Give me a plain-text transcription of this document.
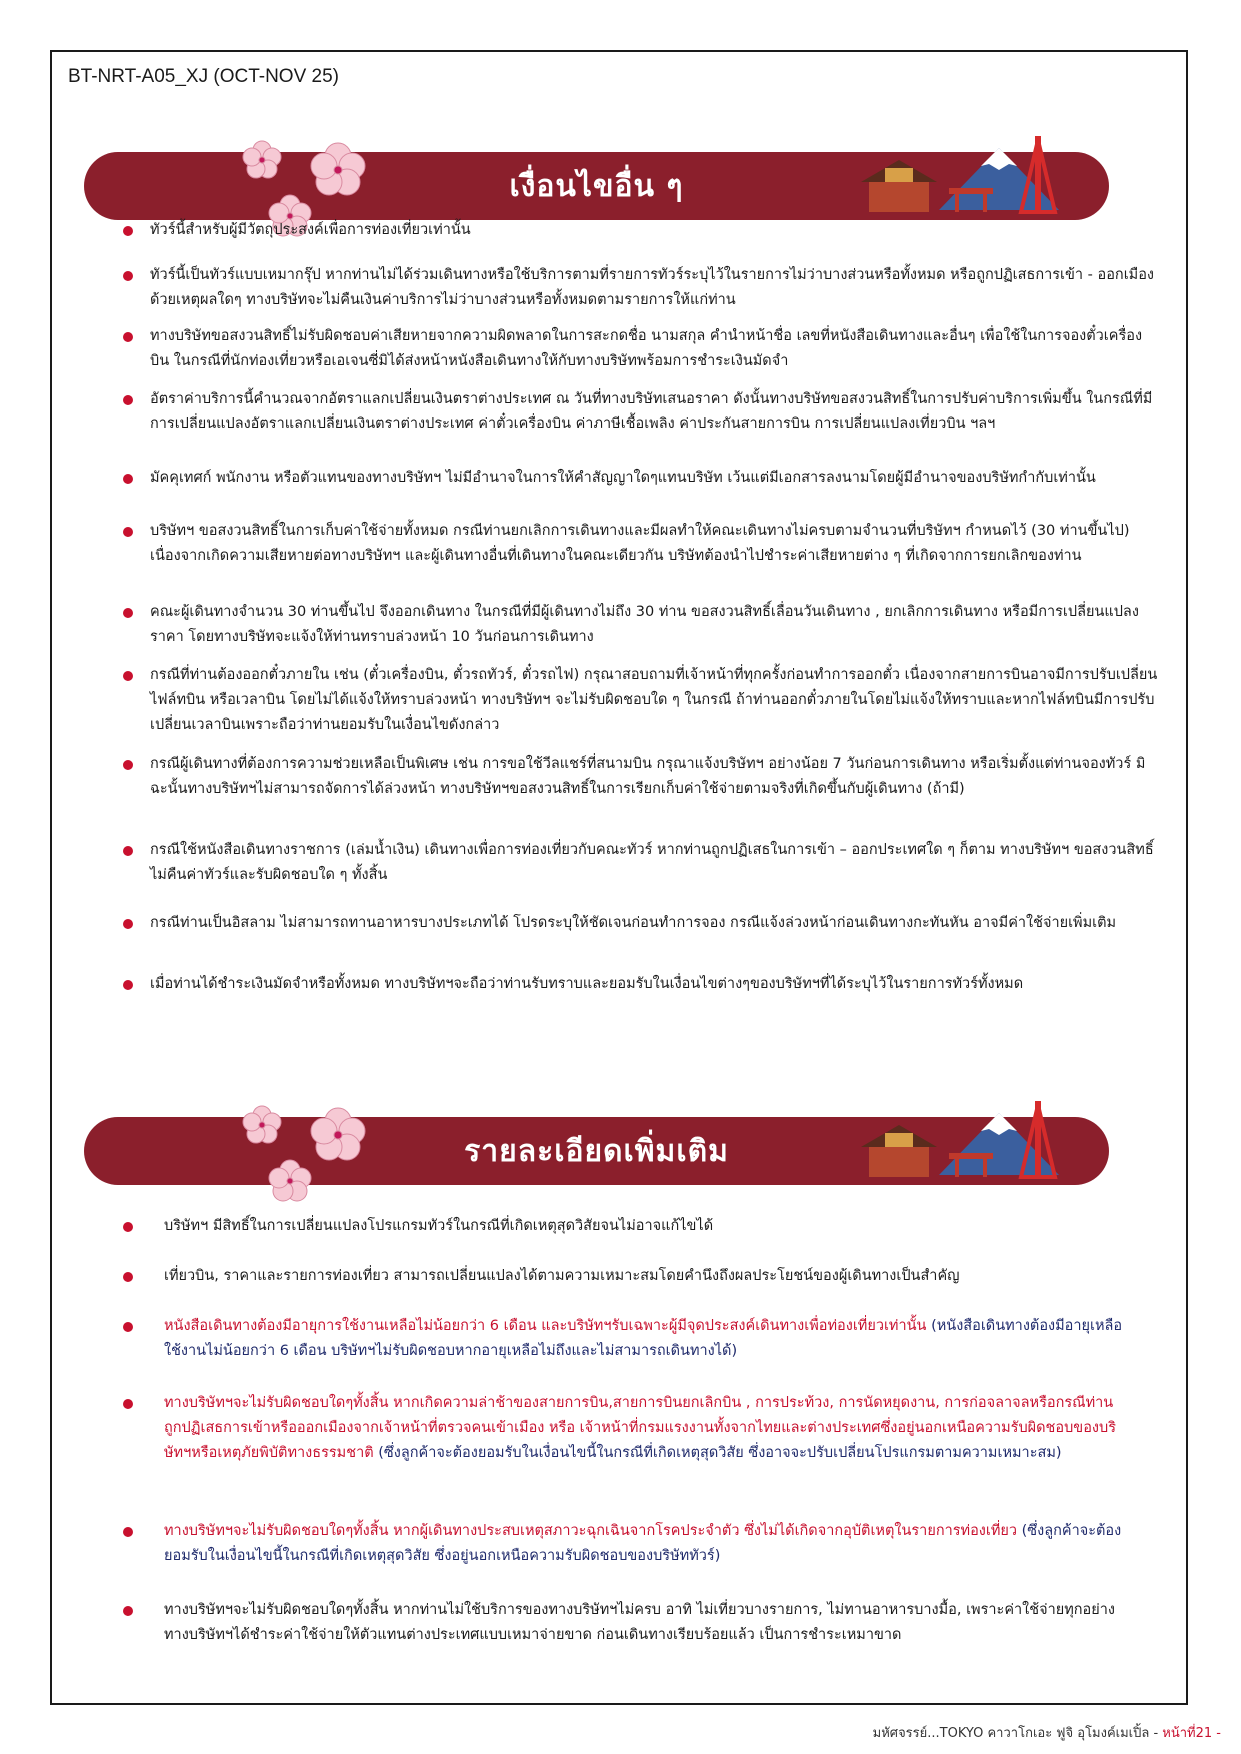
BT-NRT-A05_XJ (OCT-NOV 25)
เงื่อนไขอื่น ๆ
ทัวร์นี้สำหรับผู้มีวัตถุประสงค์เพื่อการท่องเที่ยวเท่านั้น
ทัวร์นี้เป็นทัวร์แบบเหมากรุ๊ป หากท่านไม่ได้ร่วมเดินทางหรือใช้บริการตามที่รายการทัวร์ระบุไว้ในรายการไม่ว่าบางส่วนหรือทั้งหมด หรือถูกปฏิเสธการเข้า - ออกเมืองด้วยเหตุผลใดๆ ทางบริษัทจะไม่คืนเงินค่าบริการไม่ว่าบางส่วนหรือทั้งหมดตามรายการให้แก่ท่าน
ทางบริษัทขอสงวนสิทธิ์ไม่รับผิดชอบค่าเสียหายจากความผิดพลาดในการสะกดชื่อ นามสกุล คำนำหน้าชื่อ เลขที่หนังสือเดินทางและอื่นๆ เพื่อใช้ในการจองตั๋วเครื่องบิน ในกรณีที่นักท่องเที่ยวหรือเอเจนซี่มิได้ส่งหน้าหนังสือเดินทางให้กับทางบริษัทพร้อมการชำระเงินมัดจำ
อัตราค่าบริการนี้คำนวณจากอัตราแลกเปลี่ยนเงินตราต่างประเทศ ณ วันที่ทางบริษัทเสนอราคา ดังนั้นทางบริษัทขอสงวนสิทธิ์ในการปรับค่าบริการเพิ่มขึ้น ในกรณีที่มีการเปลี่ยนแปลงอัตราแลกเปลี่ยนเงินตราต่างประเทศ ค่าตั๋วเครื่องบิน ค่าภาษีเชื้อเพลิง ค่าประกันสายการบิน การเปลี่ยนแปลงเที่ยวบิน ฯลฯ
มัคคุเทศก์ พนักงาน หรือตัวแทนของทางบริษัทฯ ไม่มีอำนาจในการให้คำสัญญาใดๆแทนบริษัท เว้นแต่มีเอกสารลงนามโดยผู้มีอำนาจของบริษัทกำกับเท่านั้น
บริษัทฯ ขอสงวนสิทธิ์ในการเก็บค่าใช้จ่ายทั้งหมด กรณีท่านยกเลิกการเดินทางและมีผลทำให้คณะเดินทางไม่ครบตามจำนวนที่บริษัทฯ กำหนดไว้ (30 ท่านขึ้นไป) เนื่องจากเกิดความเสียหายต่อทางบริษัทฯ และผู้เดินทางอื่นที่เดินทางในคณะเดียวกัน บริษัทต้องนำไปชำระค่าเสียหายต่าง ๆ ที่เกิดจากการยกเลิกของท่าน
คณะผู้เดินทางจำนวน 30 ท่านขึ้นไป จึงออกเดินทาง ในกรณีที่มีผู้เดินทางไม่ถึง 30 ท่าน ขอสงวนสิทธิ์เลื่อนวันเดินทาง , ยกเลิกการเดินทาง หรือมีการเปลี่ยนแปลงราคา โดยทางบริษัทจะแจ้งให้ท่านทราบล่วงหน้า 10 วันก่อนการเดินทาง
กรณีที่ท่านต้องออกตั๋วภายใน เช่น (ตั๋วเครื่องบิน, ตั๋วรถทัวร์, ตั๋วรถไฟ) กรุณาสอบถามที่เจ้าหน้าที่ทุกครั้งก่อนทำการออกตั๋ว เนื่องจากสายการบินอาจมีการปรับเปลี่ยนไฟล์ทบิน หรือเวลาบิน โดยไม่ได้แจ้งให้ทราบล่วงหน้า ทางบริษัทฯ จะไม่รับผิดชอบใด ๆ ในกรณี ถ้าท่านออกตั๋วภายในโดยไม่แจ้งให้ทราบและหากไฟล์ทบินมีการปรับเปลี่ยนเวลาบินเพราะถือว่าท่านยอมรับในเงื่อนไขดังกล่าว
กรณีผู้เดินทางที่ต้องการความช่วยเหลือเป็นพิเศษ เช่น การขอใช้วีลแชร์ที่สนามบิน กรุณาแจ้งบริษัทฯ อย่างน้อย 7 วันก่อนการเดินทาง หรือเริ่มตั้งแต่ท่านจองทัวร์ มิฉะนั้นทางบริษัทฯไม่สามารถจัดการได้ล่วงหน้า ทางบริษัทฯขอสงวนสิทธิ์ในการเรียกเก็บค่าใช้จ่ายตามจริงที่เกิดขึ้นกับผู้เดินทาง (ถ้ามี)
กรณีใช้หนังสือเดินทางราชการ (เล่มน้ำเงิน) เดินทางเพื่อการท่องเที่ยวกับคณะทัวร์ หากท่านถูกปฏิเสธในการเข้า – ออกประเทศใด ๆ ก็ตาม ทางบริษัทฯ ขอสงวนสิทธิ์ไม่คืนค่าทัวร์และรับผิดชอบใด ๆ ทั้งสิ้น
กรณีท่านเป็นอิสลาม ไม่สามารถทานอาหารบางประเภทได้ โปรดระบุให้ชัดเจนก่อนทำการจอง กรณีแจ้งล่วงหน้าก่อนเดินทางกะทันหัน อาจมีค่าใช้จ่ายเพิ่มเติม
เมื่อท่านได้ชำระเงินมัดจำหรือทั้งหมด ทางบริษัทฯจะถือว่าท่านรับทราบและยอมรับในเงื่อนไขต่างๆของบริษัทฯที่ได้ระบุไว้ในรายการทัวร์ทั้งหมด
รายละเอียดเพิ่มเติม
บริษัทฯ มีสิทธิ์ในการเปลี่ยนแปลงโปรแกรมทัวร์ในกรณีที่เกิดเหตุสุดวิสัยจนไม่อาจแก้ไขได้
เที่ยวบิน, ราคาและรายการท่องเที่ยว สามารถเปลี่ยนแปลงได้ตามความเหมาะสมโดยคำนึงถึงผลประโยชน์ของผู้เดินทางเป็นสำคัญ
หนังสือเดินทางต้องมีอายุการใช้งานเหลือไม่น้อยกว่า 6 เดือน และบริษัทฯรับเฉพาะผู้มีจุดประสงค์เดินทางเพื่อท่องเที่ยวเท่านั้น (หนังสือเดินทางต้องมีอายุเหลือใช้งานไม่น้อยกว่า 6 เดือน บริษัทฯไม่รับผิดชอบหากอายุเหลือไม่ถึงและไม่สามารถเดินทางได้)
ทางบริษัทฯจะไม่รับผิดชอบใดๆทั้งสิ้น หากเกิดความล่าช้าของสายการบิน,สายการบินยกเลิกบิน , การประท้วง, การนัดหยุดงาน, การก่อจลาจลหรือกรณีท่านถูกปฏิเสธการเข้าหรือออกเมืองจากเจ้าหน้าที่ตรวจคนเข้าเมือง หรือ เจ้าหน้าที่กรมแรงงานทั้งจากไทยและต่างประเทศซึ่งอยู่นอกเหนือความรับผิดชอบของบริษัทฯหรือเหตุภัยพิบัติทางธรรมชาติ (ซึ่งลูกค้าจะต้องยอมรับในเงื่อนไขนี้ในกรณีที่เกิดเหตุสุดวิสัย ซึ่งอาจจะปรับเปลี่ยนโปรแกรมตามความเหมาะสม)
ทางบริษัทฯจะไม่รับผิดชอบใดๆทั้งสิ้น หากผู้เดินทางประสบเหตุสภาวะฉุกเฉินจากโรคประจำตัว ซึ่งไม่ได้เกิดจากอุบัติเหตุในรายการท่องเที่ยว (ซึ่งลูกค้าจะต้องยอมรับในเงื่อนไขนี้ในกรณีที่เกิดเหตุสุดวิสัย ซึ่งอยู่นอกเหนือความรับผิดชอบของบริษัททัวร์)
ทางบริษัทฯจะไม่รับผิดชอบใดๆทั้งสิ้น หากท่านไม่ใช้บริการของทางบริษัทฯไม่ครบ อาทิ ไม่เที่ยวบางรายการ, ไม่ทานอาหารบางมื้อ, เพราะค่าใช้จ่ายทุกอย่างทางบริษัทฯได้ชำระค่าใช้จ่ายให้ตัวแทนต่างประเทศแบบเหมาจ่ายขาด ก่อนเดินทางเรียบร้อยแล้ว เป็นการชำระเหมาขาด
มหัศจรรย์...TOKYO คาวาโกเอะ ฟูจิ อุโมงค์เมเปิ้ล - หน้าที่21 -
